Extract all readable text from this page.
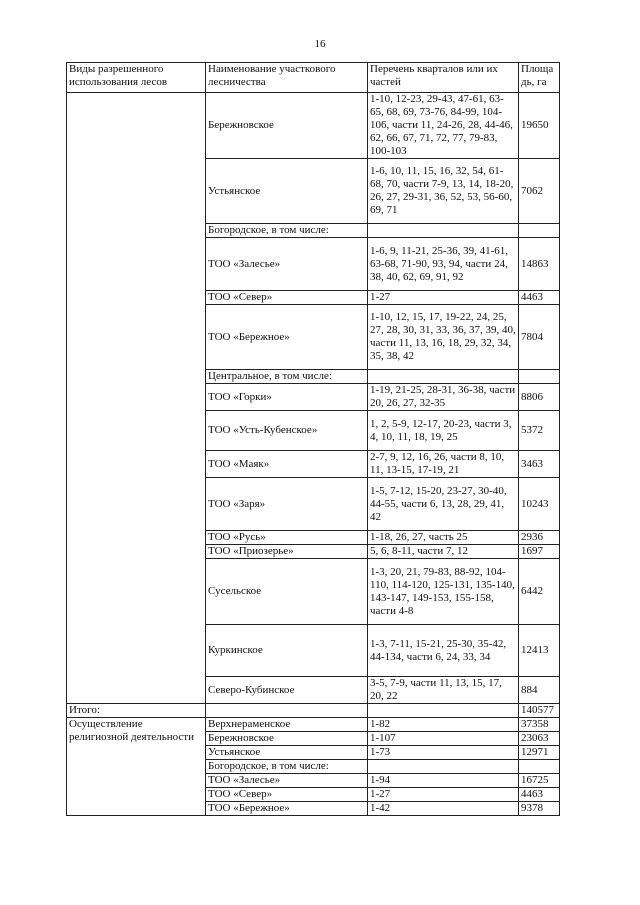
16
Виды разрешенного использования лесов	Наименование участкового лесничества	Перечень кварталов или их частей	Площадь, га
	Бережновское	1-10, 12-23, 29-43, 47-61, 63-65, 68, 69, 73-76, 84-99, 104-106, части 11, 24-26, 28, 44-46, 62, 66, 67, 71, 72, 77, 79-83, 100-103	19650
	Устьянское	1-6, 10, 11, 15, 16, 32, 54, 61-68, 70, части 7-9, 13, 14, 18-20, 26, 27, 29-31, 36, 52, 53, 56-60, 69, 71	7062
	Богородское, в том числе:		
	ТОО «Залесье»	1-6, 9, 11-21, 25-36, 39, 41-61, 63-68, 71-90, 93, 94, части 24, 38, 40, 62, 69, 91, 92	14863
	ТОО «Север»	1-27	4463
	ТОО «Бережное»	1-10, 12, 15, 17, 19-22, 24, 25, 27, 28, 30, 31, 33, 36, 37, 39, 40, части 11, 13, 16, 18, 29, 32, 34, 35, 38, 42	7804
	Центральное, в том числе:		
	ТОО «Горки»	1-19, 21-25, 28-31, 36-38, части 20, 26, 27, 32-35	8806
	ТОО «Усть-Кубенское»	1, 2, 5-9, 12-17, 20-23, части 3, 4, 10, 11, 18, 19, 25	5372
	ТОО «Маяк»	2-7, 9, 12, 16, 26, части 8, 10, 11, 13-15, 17-19, 21	3463
	ТОО «Заря»	1-5, 7-12, 15-20, 23-27, 30-40, 44-55, части 6, 13, 28, 29, 41, 42	10243
	ТОО «Русь»	1-18, 26, 27, часть 25	2936
	ТОО «Приозерье»	5, 6, 8-11, части 7, 12	1697
	Сусельское	1-3, 20, 21, 79-83, 88-92, 104-110, 114-120, 125-131, 135-140, 143-147, 149-153, 155-158, части 4-8	6442
	Куркинское	1-3, 7-11, 15-21, 25-30, 35-42, 44-134, части 6, 24, 33, 34	12413
	Северо-Кубинское	3-5, 7-9, части 11, 13, 15, 17, 20, 22	884
Итого:			140577
Осуществление религиозной деятельности	Верхнераменское	1-82	37358
	Бережновское	1-107	23063
	Устьянское	1-73	12971
	Богородское, в том числе:		
	ТОО «Залесье»	1-94	16725
	ТОО «Север»	1-27	4463
	ТОО «Бережное»	1-42	9378
